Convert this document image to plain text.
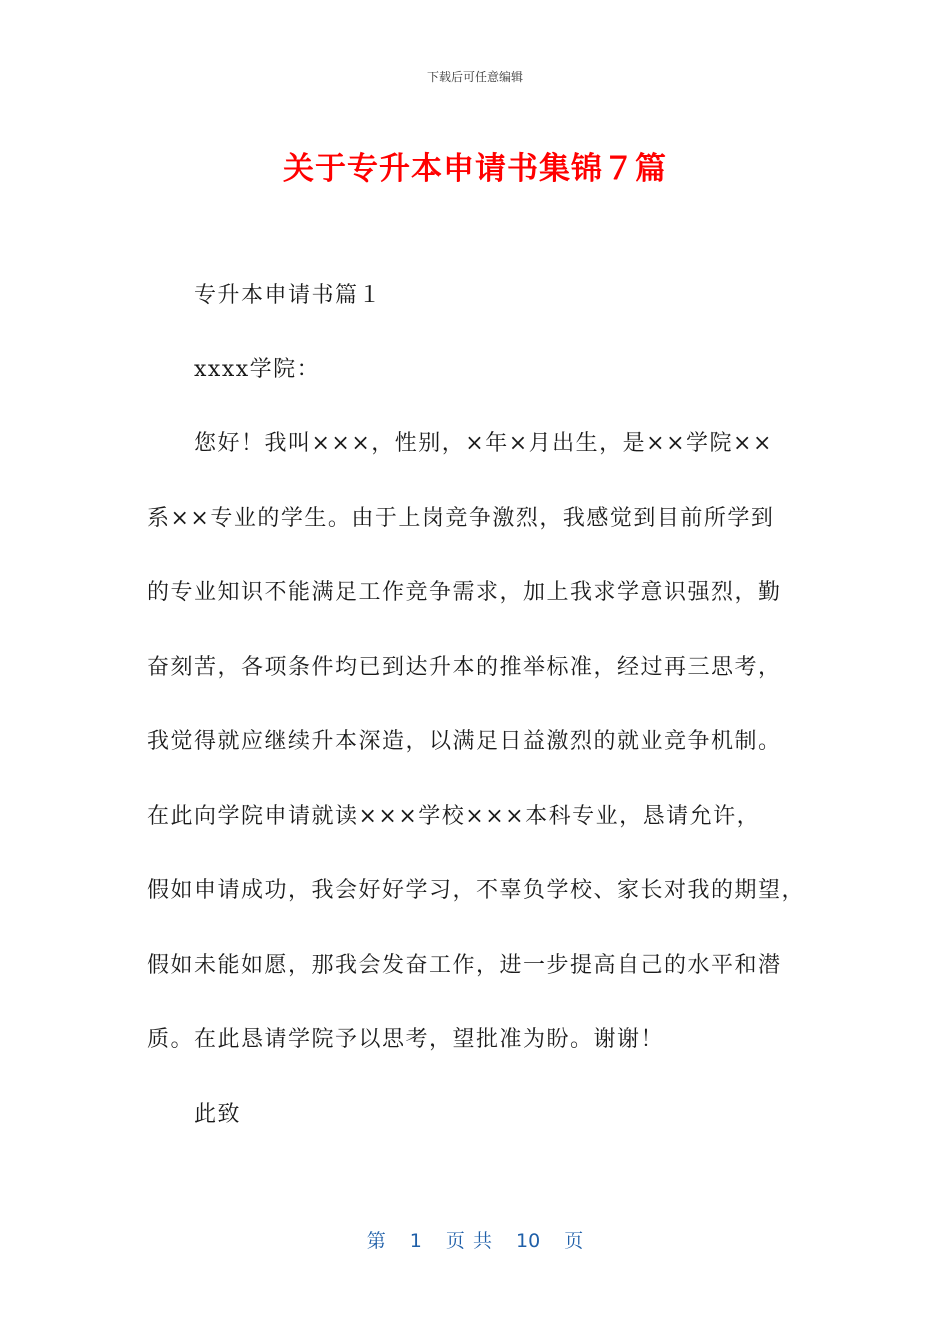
下载后可任意编辑
关于专升本申请书集锦７篇
专升本申请书篇１
xxxx学院：
您好！我叫×××，性别，×年×月出生，是××学院××
系××专业的学生。由于上岗竞争激烈，我感觉到目前所学到
的专业知识不能满足工作竞争需求，加上我求学意识强烈，勤
奋刻苦，各项条件均已到达升本的推举标准，经过再三思考，
我觉得就应继续升本深造，以满足日益激烈的就业竞争机制。
在此向学院申请就读×××学校×××本科专业，恳请允许，
假如申请成功，我会好好学习，不辜负学校、家长对我的期望，
假如未能如愿，那我会发奋工作，进一步提高自己的水平和潜
质。在此恳请学院予以思考，望批准为盼。谢谢！
此致
第 1 页 共 10 页
